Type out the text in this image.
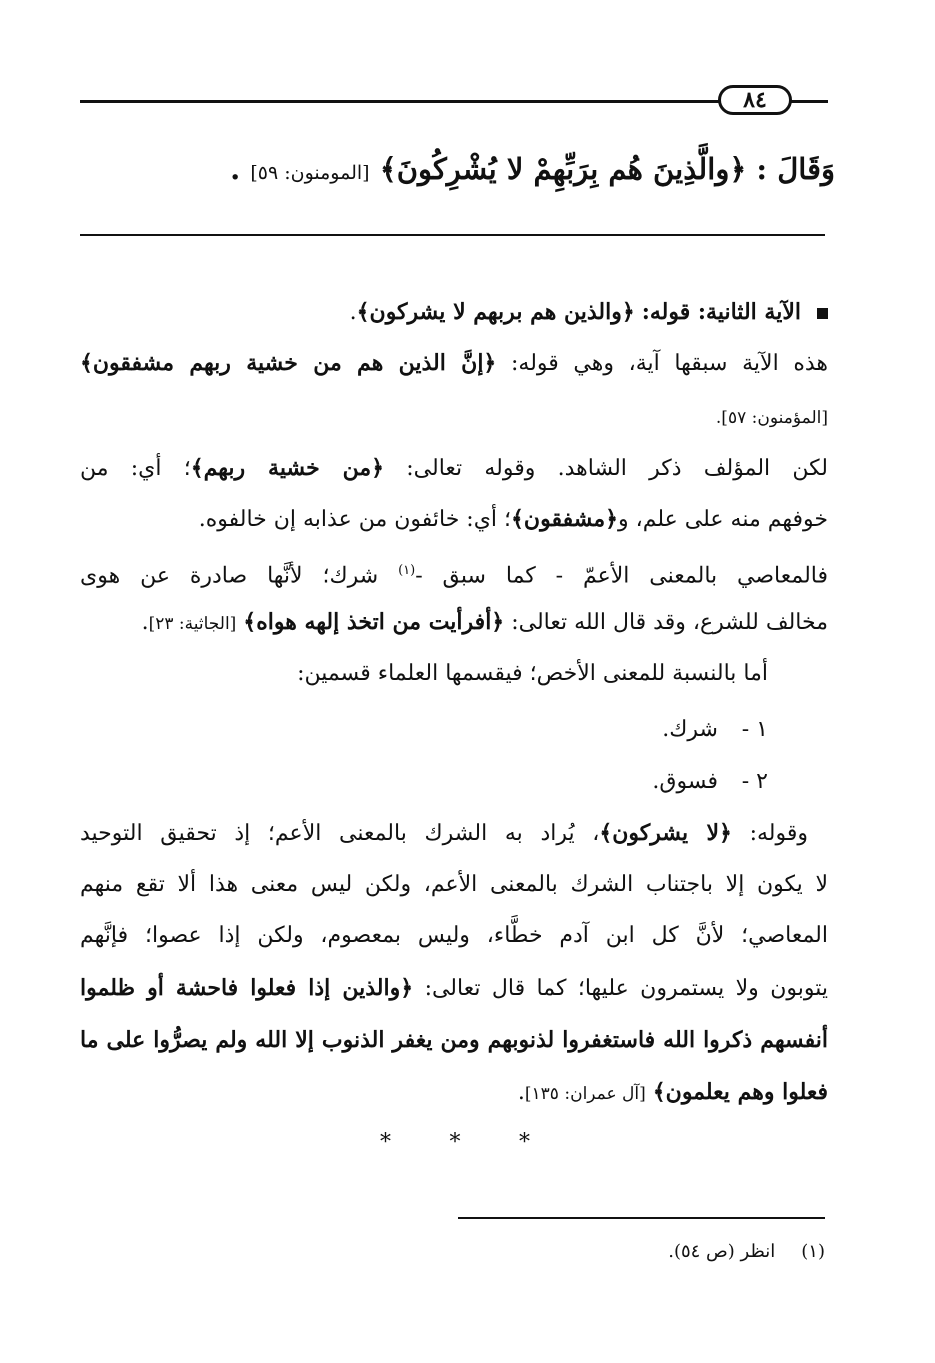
٨٤
وَقَالَ : ﴿والَّذِينَ هُم بِرَبِّهِمْ لا يُشْرِكُونَ﴾ [المومنون: ٥٩] .
الآية الثانية: قوله: ﴿والذين هم بربهم لا يشركون﴾.
هذه الآية سبقها آية، وهي قوله: ﴿إنَّ الذين هم من خشية ربهم مشفقون﴾
[المؤمنون: ٥٧].
لكن المؤلف ذكر الشاهد. وقوله تعالى: ﴿من خشية ربهم﴾؛ أي: من
خوفهم منه على علم، و﴿مشفقون﴾؛ أي: خائفون من عذابه إن خالفوه.
فالمعاصي بالمعنى الأعمّ - كما سبق -$^{(١)}$ شرك؛ لأنَّها صادرة عن هوى
مخالف للشرع، وقد قال الله تعالى: ﴿أفرأيت من اتخذ إلهه هواه﴾ [الجاثية: ٢٣].
أما بالنسبة للمعنى الأخص؛ فيقسمها العلماء قسمين:
١ -شرك.
٢ -فسوق.
وقوله: ﴿لا يشركون﴾، يُراد به الشرك بالمعنى الأعم؛ إذ تحقيق التوحيد
لا يكون إلا باجتناب الشرك بالمعنى الأعم، ولكن ليس معنى هذا ألا تقع منهم
المعاصي؛ لأنَّ كل ابن آدم خطَّاء، وليس بمعصوم، ولكن إذا عصوا؛ فإنَّهم
يتوبون ولا يستمرون عليها؛ كما قال تعالى: ﴿والذين إذا فعلوا فاحشة أو ظلموا
أنفسهم ذكروا الله فاستغفروا لذنوبهم ومن يغفر الذنوب إلا الله ولم يصرُّوا على ما
فعلوا وهم يعلمون﴾ [آل عمران: ١٣٥].
*	*	*
(١)انظر (ص ٥٤).
